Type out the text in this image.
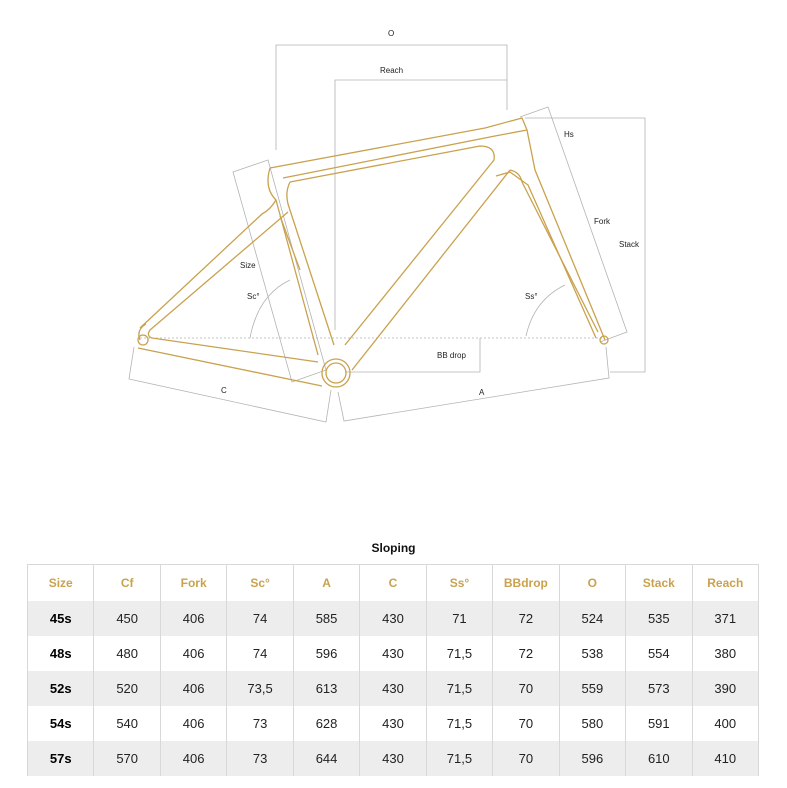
O
Reach
Stack
Hs
Fork
Size
Sc°	Ss°
BB drop
C	A
Sloping
Size	Cf	Fork	Sc°	A	C	Ss°	BBdrop	O	Stack	Reach
45s	450	406	74	585	430	71	72	524	535	371
48s	480	406	74	596	430	71,5	72	538	554	380
52s	520	406	73,5	613	430	71,5	70	559	573	390
54s	540	406	73	628	430	71,5	70	580	591	400
57s	570	406	73	644	430	71,5	70	596	610	410
